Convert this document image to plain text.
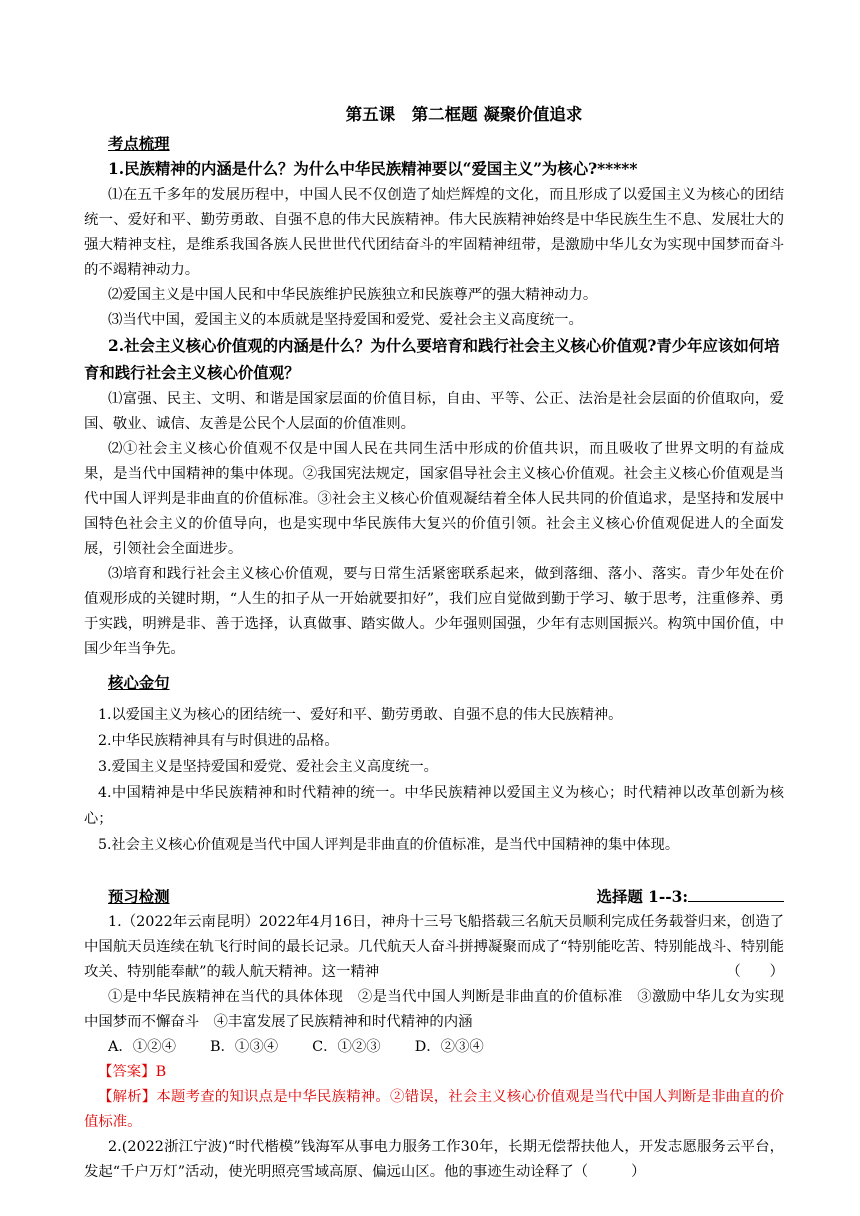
第五课　第二框题 凝聚价值追求
考点梳理
1.民族精神的内涵是什么？为什么中华民族精神要以“爱国主义”为核心?*****

⑴在五千多年的发展历程中，中国人民不仅创造了灿烂辉煌的文化，而且形成了以爱国主义为核心的团结统一、爱好和平、勤劳勇敢、自强不息的伟大民族精神。伟大民族精神始终是中华民族生生不息、发展壮大的强大精神支柱，是维系我国各族人民世世代代团结奋斗的牢固精神纽带，是激励中华儿女为实现中国梦而奋斗的不竭精神动力。

⑵爱国主义是中国人民和中华民族维护民族独立和民族尊严的强大精神动力。

⑶当代中国，爱国主义的本质就是坚持爱国和爱党、爱社会主义高度统一。

2.社会主义核心价值观的内涵是什么？为什么要培育和践行社会主义核心价值观?青少年应该如何培育和践行社会主义核心价值观？

⑴富强、民主、文明、和谐是国家层面的价值目标，自由、平等、公正、法治是社会层面的价值取向，爱国、敬业、诚信、友善是公民个人层面的价值准则。

⑵①社会主义核心价值观不仅是中国人民在共同生活中形成的价值共识，而且吸收了世界文明的有益成果，是当代中国精神的集中体现。②我国宪法规定，国家倡导社会主义核心价值观。社会主义核心价值观是当代中国人评判是非曲直的价值标准。③社会主义核心价值观凝结着全体人民共同的价值追求，是坚持和发展中国特色社会主义的价值导向，也是实现中华民族伟大复兴的价值引领。社会主义核心价值观促进人的全面发展，引领社会全面进步。

⑶培育和践行社会主义核心价值观，要与日常生活紧密联系起来，做到落细、落小、落实。青少年处在价值观形成的关键时期，“人生的扣子从一开始就要扣好”，我们应自觉做到勤于学习、敏于思考，注重修养、勇于实践，明辨是非、善于选择，认真做事、踏实做人。少年强则国强，少年有志则国振兴。构筑中国价值，中国少年当争先。

核心金句

1.以爱国主义为核心的团结统一、爱好和平、勤劳勇敢、自强不息的伟大民族精神。

2.中华民族精神具有与时俱进的品格。

3.爱国主义是坚持爱国和爱党、爱社会主义高度统一。

4.中国精神是中华民族精神和时代精神的统一。中华民族精神以爱国主义为核心；时代精神以改革创新为核心；

5.社会主义核心价值观是当代中国人评判是非曲直的价值标准，是当代中国精神的集中体现。

预习检测	选择题 1--3:

1.（2022年云南昆明）2022年4月16日，神舟十三号飞船搭载三名航天员顺利完成任务载誉归来，创造了中国航天员连续在轨飞行时间的最长记录。几代航天人奋斗拼搏凝聚而成了“特别能吃苦、特别能战斗、特别能攻关、特别能奉献”的载人航天精神。这一精神	（　　）

①是中华民族精神在当代的具体体现　②是当代中国人判断是非曲直的价值标准　③激励中华儿女为实现中国梦而不懈奋斗　④丰富发展了民族精神和时代精神的内涵

A．①②④ B．①③④ C．①②③ D．②③④

【答案】B

【解析】本题考查的知识点是中华民族精神。②错误，社会主义核心价值观是当代中国人判断是非曲直的价值标准。

2.(2022浙江宁波)“时代楷模”钱海军从事电力服务工作30年，长期无偿帮扶他人，开发志愿服务云平台，发起“千户万灯”活动，使光明照亮雪域高原、偏远山区。他的事迹生动诠释了（　　　）
